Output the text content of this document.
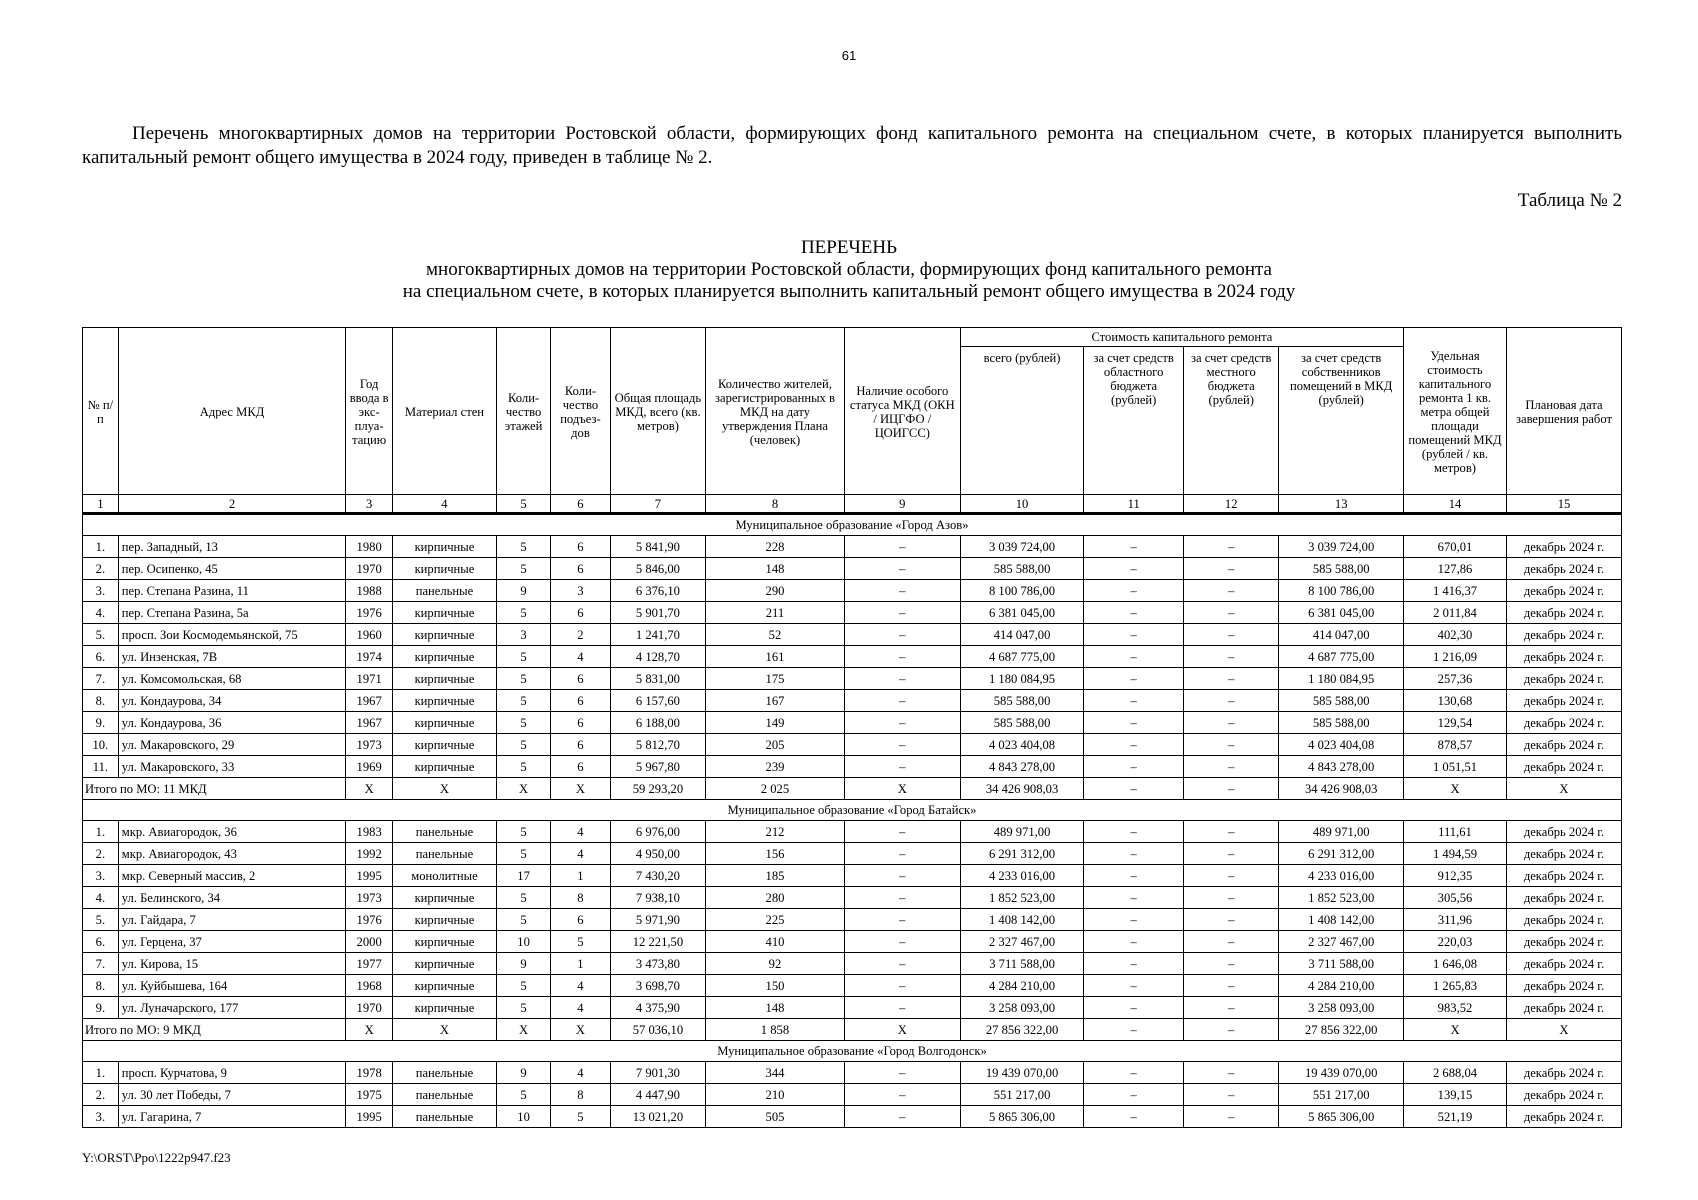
61
Перечень многоквартирных домов на территории Ростовской области, формирующих фонд капитального ремонта на специальном счете, в которых планируется выполнить капитальный ремонт общего имущества в 2024 году, приведен в таблице № 2.
Таблица № 2
ПЕРЕЧЕНЬ
многоквартирных домов на территории Ростовской области, формирующих фонд капитального ремонта
на специальном счете, в которых планируется выполнить капитальный ремонт общего имущества в 2024 году
№ п/п	Адрес МКД	Год ввода в экс-плуа-тацию	Материал стен	Коли-чество этажей	Коли-чество подъез-дов	Общая площадь МКД, всего (кв. метров)	Количество жителей, зарегистрированных в МКД на дату утверждения Плана (человек)	Наличие особого статуса МКД (ОКН / ИЦГФО / ЦОИГСС)	Стоимость капитального ремонта				Удельная стоимость капитального ремонта 1 кв. метра общей площади помещений МКД (рублей / кв. метров)	Плановая дата завершения работ
									всего (рублей)	за счет средств областного бюджета (рублей)	за счет средств местного бюджета (рублей)	за счет средств собственников помещений в МКД (рублей)		
1	2	3	4	5	6	7	8	9	10	11	12	13	14	15
Муниципальное образование «Город Азов»														
1.	пер. Западный, 13	1980	кирпичные	5	6	5 841,90	228	–	3 039 724,00	–	–	3 039 724,00	670,01	декабрь 2024 г.
2.	пер. Осипенко, 45	1970	кирпичные	5	6	5 846,00	148	–	585 588,00	–	–	585 588,00	127,86	декабрь 2024 г.
3.	пер. Степана Разина, 11	1988	панельные	9	3	6 376,10	290	–	8 100 786,00	–	–	8 100 786,00	1 416,37	декабрь 2024 г.
4.	пер. Степана Разина, 5а	1976	кирпичные	5	6	5 901,70	211	–	6 381 045,00	–	–	6 381 045,00	2 011,84	декабрь 2024 г.
5.	просп. Зои Космодемьянской, 75	1960	кирпичные	3	2	1 241,70	52	–	414 047,00	–	–	414 047,00	402,30	декабрь 2024 г.
6.	ул. Инзенская, 7В	1974	кирпичные	5	4	4 128,70	161	–	4 687 775,00	–	–	4 687 775,00	1 216,09	декабрь 2024 г.
7.	ул. Комсомольская, 68	1971	кирпичные	5	6	5 831,00	175	–	1 180 084,95	–	–	1 180 084,95	257,36	декабрь 2024 г.
8.	ул. Кондаурова, 34	1967	кирпичные	5	6	6 157,60	167	–	585 588,00	–	–	585 588,00	130,68	декабрь 2024 г.
9.	ул. Кондаурова, 36	1967	кирпичные	5	6	6 188,00	149	–	585 588,00	–	–	585 588,00	129,54	декабрь 2024 г.
10.	ул. Макаровского, 29	1973	кирпичные	5	6	5 812,70	205	–	4 023 404,08	–	–	4 023 404,08	878,57	декабрь 2024 г.
11.	ул. Макаровского, 33	1969	кирпичные	5	6	5 967,80	239	–	4 843 278,00	–	–	4 843 278,00	1 051,51	декабрь 2024 г.
Итого по МО: 11 МКД		X	X	X	X	59 293,20	2 025	X	34 426 908,03	–	–	34 426 908,03	X	X
Муниципальное образование «Город Батайск»														
1.	мкр. Авиагородок, 36	1983	панельные	5	4	6 976,00	212	–	489 971,00	–	–	489 971,00	111,61	декабрь 2024 г.
2.	мкр. Авиагородок, 43	1992	панельные	5	4	4 950,00	156	–	6 291 312,00	–	–	6 291 312,00	1 494,59	декабрь 2024 г.
3.	мкр. Северный массив, 2	1995	монолитные	17	1	7 430,20	185	–	4 233 016,00	–	–	4 233 016,00	912,35	декабрь 2024 г.
4.	ул. Белинского, 34	1973	кирпичные	5	8	7 938,10	280	–	1 852 523,00	–	–	1 852 523,00	305,56	декабрь 2024 г.
5.	ул. Гайдара, 7	1976	кирпичные	5	6	5 971,90	225	–	1 408 142,00	–	–	1 408 142,00	311,96	декабрь 2024 г.
6.	ул. Герцена, 37	2000	кирпичные	10	5	12 221,50	410	–	2 327 467,00	–	–	2 327 467,00	220,03	декабрь 2024 г.
7.	ул. Кирова, 15	1977	кирпичные	9	1	3 473,80	92	–	3 711 588,00	–	–	3 711 588,00	1 646,08	декабрь 2024 г.
8.	ул. Куйбышева, 164	1968	кирпичные	5	4	3 698,70	150	–	4 284 210,00	–	–	4 284 210,00	1 265,83	декабрь 2024 г.
9.	ул. Луначарского, 177	1970	кирпичные	5	4	4 375,90	148	–	3 258 093,00	–	–	3 258 093,00	983,52	декабрь 2024 г.
Итого по МО: 9 МКД		X	X	X	X	57 036,10	1 858	X	27 856 322,00	–	–	27 856 322,00	X	X
Муниципальное образование «Город Волгодонск»														
1.	просп. Курчатова, 9	1978	панельные	9	4	7 901,30	344	–	19 439 070,00	–	–	19 439 070,00	2 688,04	декабрь 2024 г.
2.	ул. 30 лет Победы, 7	1975	панельные	5	8	4 447,90	210	–	551 217,00	–	–	551 217,00	139,15	декабрь 2024 г.
3.	ул. Гагарина, 7	1995	панельные	10	5	13 021,20	505	–	5 865 306,00	–	–	5 865 306,00	521,19	декабрь 2024 г.
Y:\ORST\Ppo\1222p947.f23
